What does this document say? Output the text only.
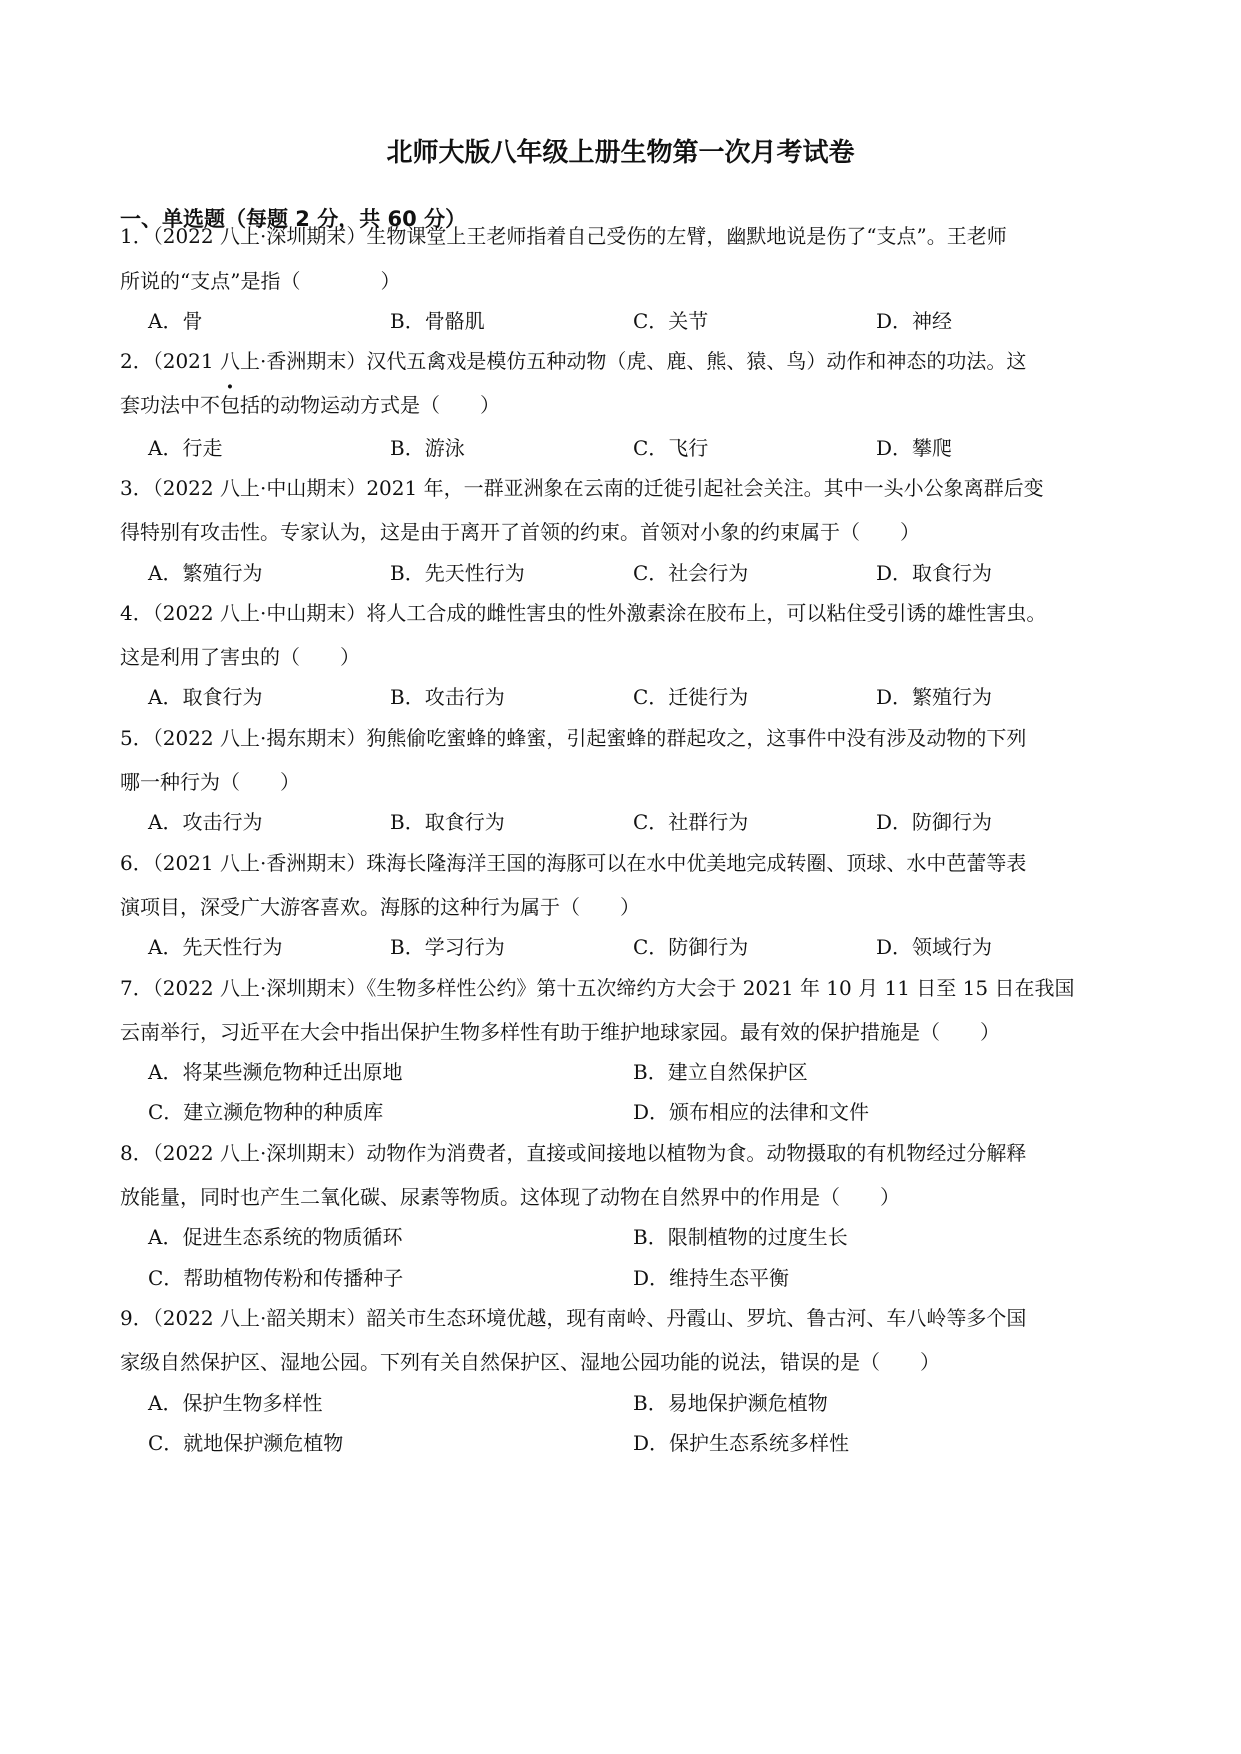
北师大版八年级上册生物第一次月考试卷
一、单选题（每题 2 分，共 60 分）
1．（2022 八上·深圳期末）生物课堂上王老师指着自己受伤的左臂，幽默地说是伤了“支点”。王老师
所说的“支点”是指（　　　　）
A．骨	B．骨骼肌	C．关节	D．神经
2．（2021 八上·香洲期末）汉代五禽戏是模仿五种动物（虎、鹿、熊、猿、鸟）动作和神态的功法。这
套功法中不包括的动物运动方式是（　　）
A．行走	B．游泳	C．飞行	D．攀爬
3．（2022 八上·中山期末）2021 年，一群亚洲象在云南的迁徙引起社会关注。其中一头小公象离群后变
得特别有攻击性。专家认为，这是由于离开了首领的约束。首领对小象的约束属于（　　）
A．繁殖行为	B．先天性行为	C．社会行为	D．取食行为
4．（2022 八上·中山期末）将人工合成的雌性害虫的性外激素涂在胶布上，可以粘住受引诱的雄性害虫。
这是利用了害虫的（　　）
A．取食行为	B．攻击行为	C．迁徙行为	D．繁殖行为
5．（2022 八上·揭东期末）狗熊偷吃蜜蜂的蜂蜜，引起蜜蜂的群起攻之，这事件中没有涉及动物的下列
哪一种行为（　　）
A．攻击行为	B．取食行为	C．社群行为	D．防御行为
6．（2021 八上·香洲期末）珠海长隆海洋王国的海豚可以在水中优美地完成转圈、顶球、水中芭蕾等表
演项目，深受广大游客喜欢。海豚的这种行为属于（　　）
A．先天性行为	B．学习行为	C．防御行为	D．领域行为
7．（2022 八上·深圳期末）《生物多样性公约》第十五次缔约方大会于 2021 年 10 月 11 日至 15 日在我国
云南举行，习近平在大会中指出保护生物多样性有助于维护地球家园。最有效的保护措施是（　　）
A．将某些濒危物种迁出原地	B．建立自然保护区
C．建立濒危物种的种质库	D．颁布相应的法律和文件
8．（2022 八上·深圳期末）动物作为消费者，直接或间接地以植物为食。动物摄取的有机物经过分解释
放能量，同时也产生二氧化碳、尿素等物质。这体现了动物在自然界中的作用是（　　）
A．促进生态系统的物质循环	B．限制植物的过度生长
C．帮助植物传粉和传播种子	D．维持生态平衡
9．（2022 八上·韶关期末）韶关市生态环境优越，现有南岭、丹霞山、罗坑、鲁古河、车八岭等多个国
家级自然保护区、湿地公园。下列有关自然保护区、湿地公园功能的说法，错误的是（　　）
A．保护生物多样性	B．易地保护濒危植物
C．就地保护濒危植物	D．保护生态系统多样性
